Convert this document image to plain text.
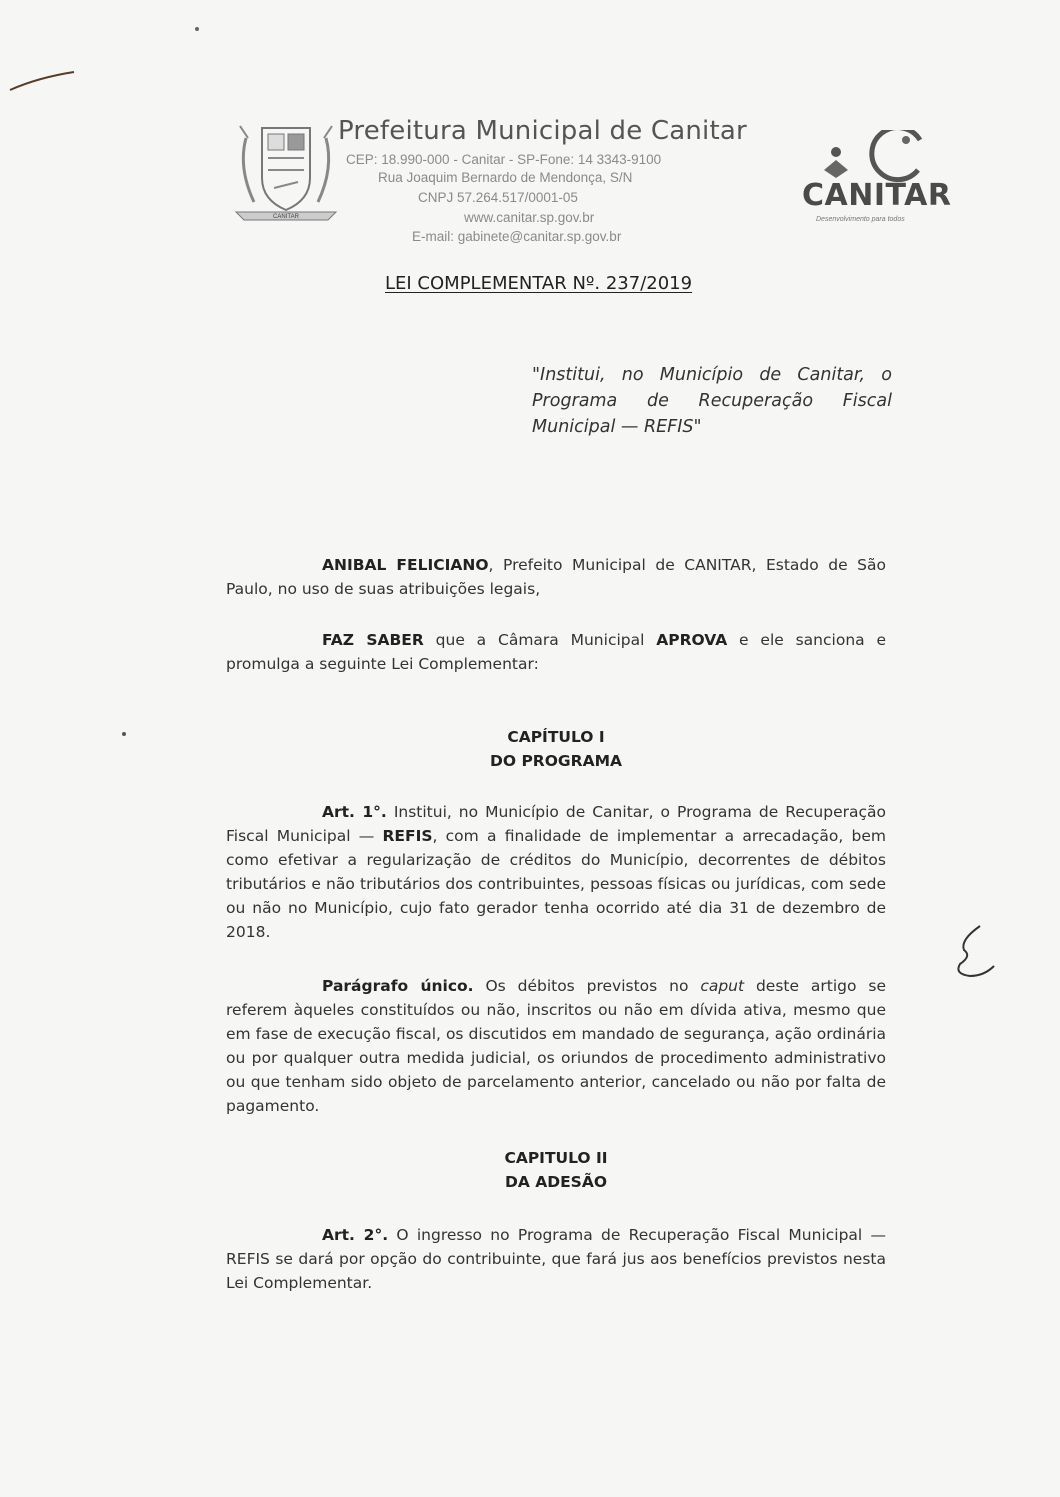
CANITAR
Prefeitura Municipal de Canitar
CEP: 18.990-000 - Canitar - SP-Fone: 14 3343-9100
Rua Joaquim Bernardo de Mendonça, S/N
CNPJ 57.264.517/0001-05
www.canitar.sp.gov.br
E-mail: gabinete@canitar.sp.gov.br
CANITAR
Desenvolvimento para todos
LEI COMPLEMENTAR Nº. 237/2019
"Institui, no Município de Canitar, o Programa de Recuperação Fiscal Municipal — REFIS"
ANIBAL FELICIANO, Prefeito Municipal de CANITAR, Estado de São Paulo, no uso de suas atribuições legais,
FAZ SABER que a Câmara Municipal APROVA e ele sanciona e promulga a seguinte Lei Complementar:
CAPÍTULO I
DO PROGRAMA
Art. 1°. Institui, no Município de Canitar, o Programa de Recuperação Fiscal Municipal — REFIS, com a finalidade de implementar a arrecadação, bem como efetivar a regularização de créditos do Município, decorrentes de débitos tributários e não tributários dos contribuintes, pessoas físicas ou jurídicas, com sede ou não no Município, cujo fato gerador tenha ocorrido até dia 31 de dezembro de 2018.
Parágrafo único. Os débitos previstos no caput deste artigo se referem àqueles constituídos ou não, inscritos ou não em dívida ativa, mesmo que em fase de execução fiscal, os discutidos em mandado de segurança, ação ordinária ou por qualquer outra medida judicial, os oriundos de procedimento administrativo ou que tenham sido objeto de parcelamento anterior, cancelado ou não por falta de pagamento.
CAPITULO II
DA ADESÃO
Art. 2°. O ingresso no Programa de Recuperação Fiscal Municipal — REFIS se dará por opção do contribuinte, que fará jus aos benefícios previstos nesta Lei Complementar.
